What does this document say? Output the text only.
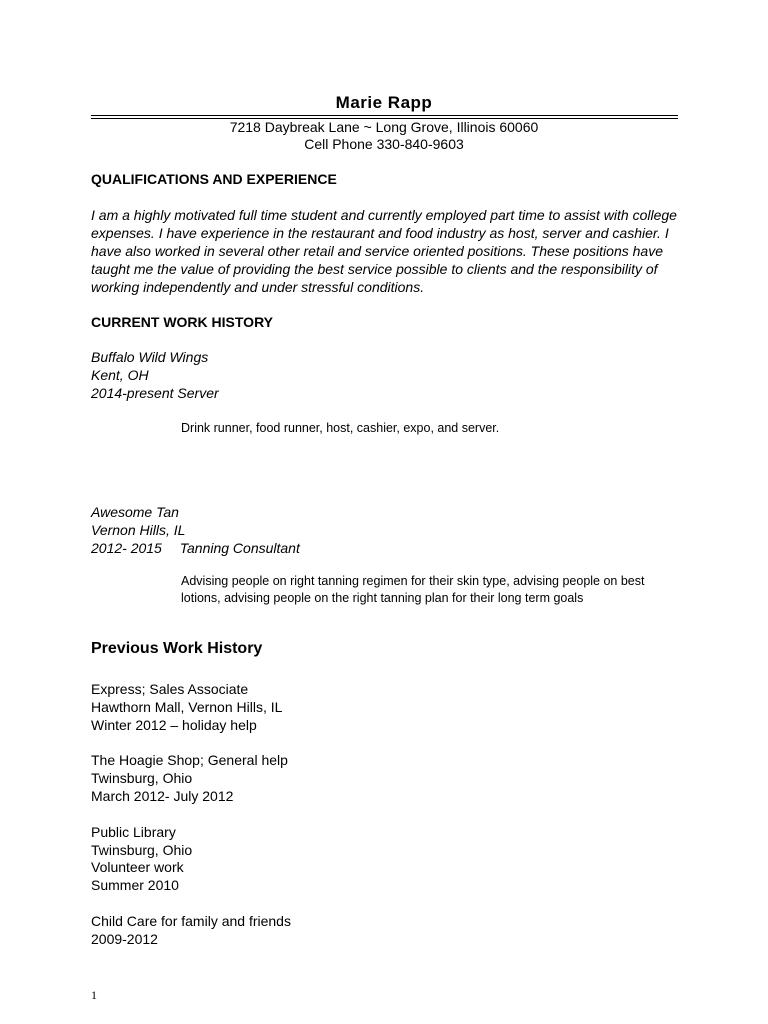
Marie Rapp
7218 Daybreak Lane ~ Long Grove, Illinois 60060
Cell Phone 330-840-9603
QUALIFICATIONS AND EXPERIENCE
I am a highly motivated full time student and currently employed part time to assist with college expenses. I have experience in the restaurant and food industry as host, server and cashier. I have also worked in several other retail and service oriented positions. These positions have taught me the value of providing the best service possible to clients and the responsibility of working independently and under stressful conditions.
CURRENT WORK HISTORY
Buffalo Wild Wings
Kent, OH
2014-present Server
Drink runner, food runner, host, cashier, expo, and server.
Awesome Tan
Vernon Hills, IL
2012- 2015 Tanning Consultant
Advising people on right tanning regimen for their skin type, advising people on best lotions, advising people on the right tanning plan for their long term goals
Previous Work History
Express; Sales Associate
Hawthorn Mall, Vernon Hills, IL
Winter 2012 – holiday help
The Hoagie Shop; General help
Twinsburg, Ohio
March 2012- July 2012
Public Library
Twinsburg, Ohio
Volunteer work
Summer 2010
Child Care for family and friends
2009-2012
1
